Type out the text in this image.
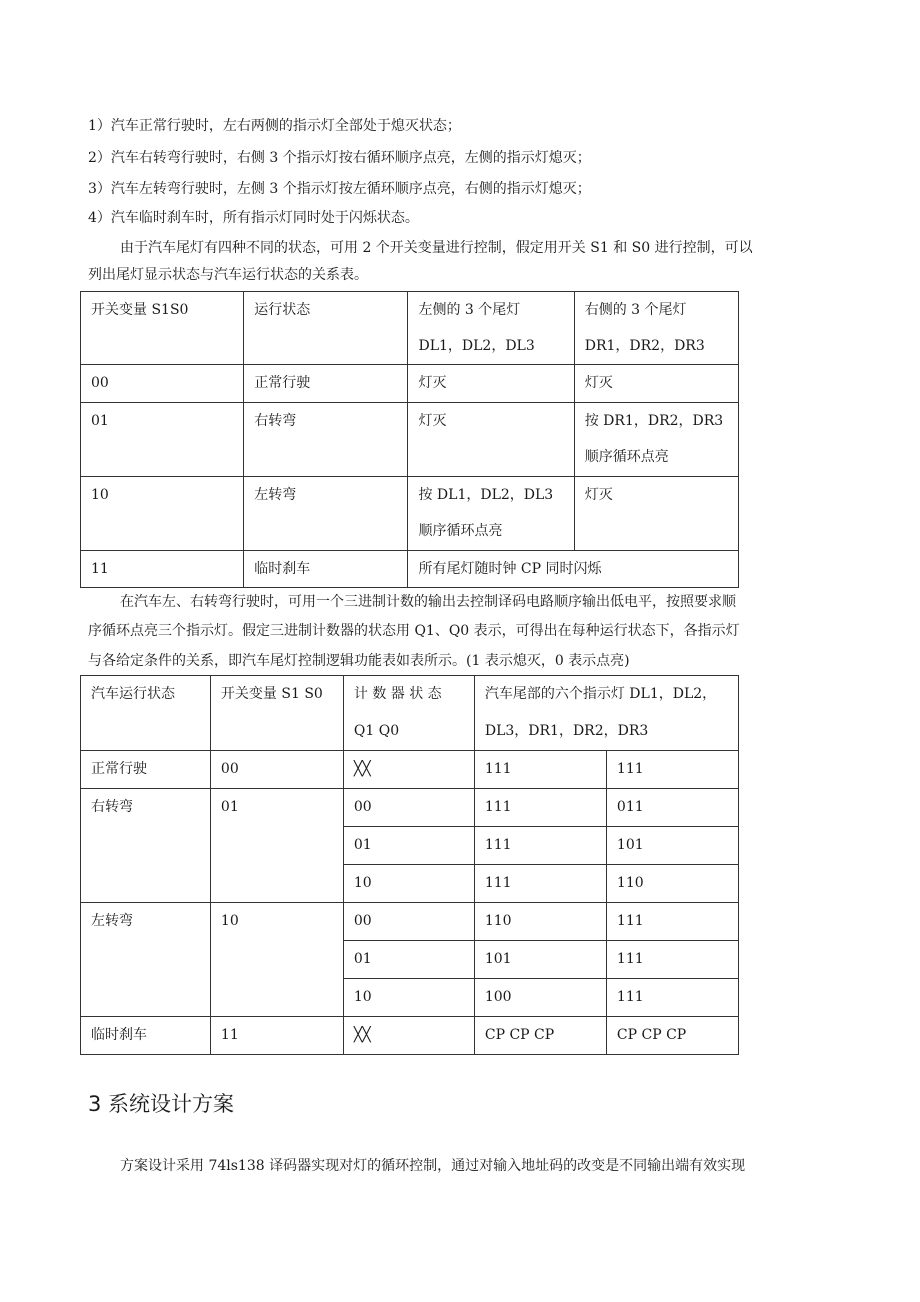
1）汽车正常行驶时，左右两侧的指示灯全部处于熄灭状态；
2）汽车右转弯行驶时，右侧 3 个指示灯按右循环顺序点亮，左侧的指示灯熄灭；
3）汽车左转弯行驶时，左侧 3 个指示灯按左循环顺序点亮，右侧的指示灯熄灭；
4）汽车临时刹车时，所有指示灯同时处于闪烁状态。
由于汽车尾灯有四种不同的状态，可用 2 个开关变量进行控制，假定用开关 S1 和 S0 进行控制，可以
列出尾灯显示状态与汽车运行状态的关系表。
开关变量 S1S0	运行状态	左侧的 3 个尾灯 DL1，DL2，DL3	右侧的 3 个尾灯 DR1，DR2，DR3
00	正常行驶	灯灭	灯灭
01	右转弯	灯灭	按 DR1，DR2，DR3 顺序循环点亮
10	左转弯	按 DL1，DL2，DL3 顺序循环点亮	灯灭
11	临时刹车	所有尾灯随时钟 CP 同时闪烁	
在汽车左、右转弯行驶时，可用一个三进制计数的输出去控制译码电路顺序输出低电平，按照要求顺
序循环点亮三个指示灯。假定三进制计数器的状态用 Q1、Q0 表示，可得出在每种运行状态下，各指示灯
与各给定条件的关系，即汽车尾灯控制逻辑功能表如表所示。(1 表示熄灭，0 表示点亮)
汽车运行状态	开关变量 S1 S0	计 数 器 状 态 Q1 Q0	汽车尾部的六个指示灯 DL1，DL2，DL3，DR1，DR2，DR3	
正常行驶	00	╳╳	111	111
右转弯	01	00	111	011
		01	111	101
		10	111	110
左转弯	10	00	110	111
		01	101	111
		10	100	111
临时刹车	11	╳╳	CP CP CP	CP CP CP
3 系统设计方案
方案设计采用 74ls138 译码器实现对灯的循环控制，通过对输入地址码的改变是不同输出端有效实现
